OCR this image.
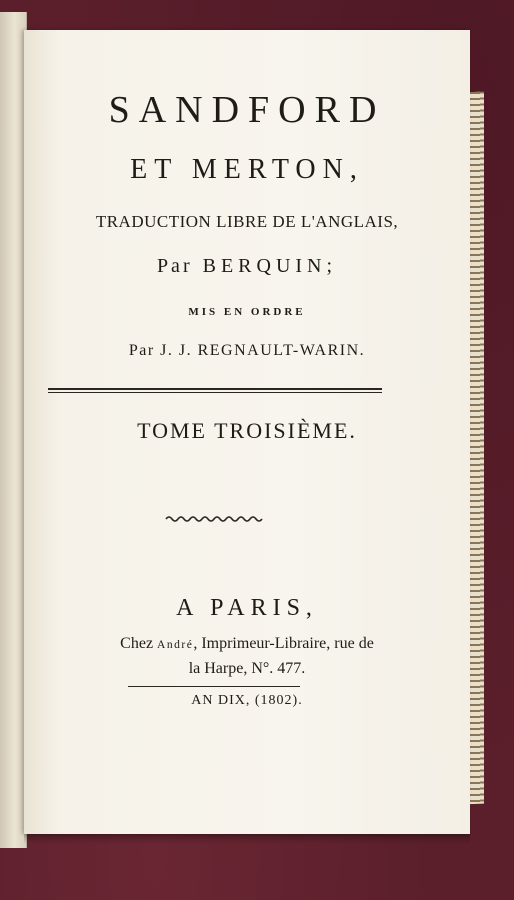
SANDFORD
ET MERTON,
TRADUCTION LIBRE DE L'ANGLAIS,
Par BERQUIN;
MIS EN ORDRE
Par J. J. REGNAULT-WARIN.
TOME TROISIÈME.
A PARIS,
Chez André, Imprimeur-Libraire, rue de
la Harpe, N°. 477.
AN DIX, (1802).
